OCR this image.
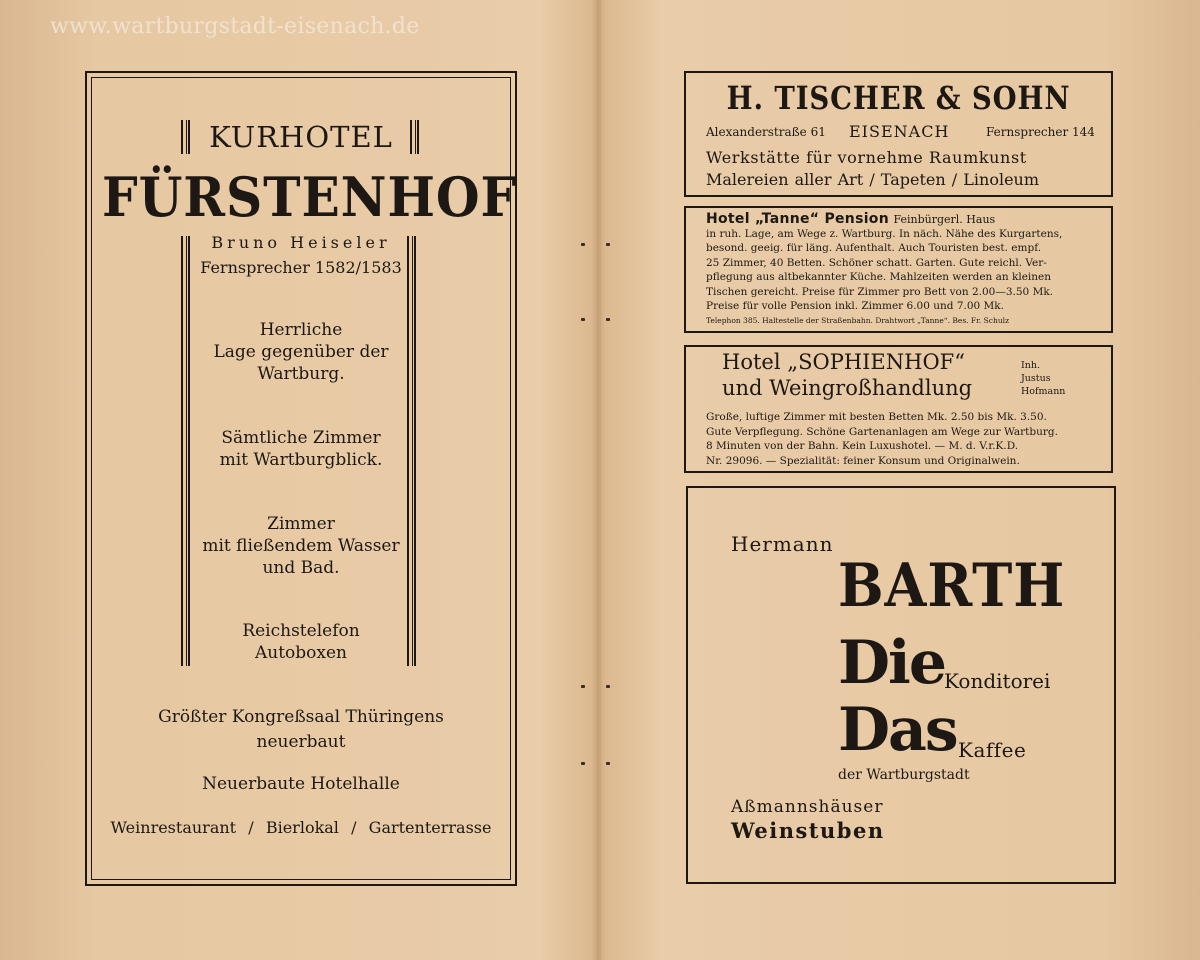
www.wartburgstadt-eisenach.de
KURHOTEL
FÜRSTENHOF
Bruno Heiseler
Fernsprecher 1582/1583
Herrliche
Lage gegenüber der
Wartburg.
Sämtliche Zimmer
mit Wartburgblick.
Zimmer
mit fließendem Wasser
und Bad.
Reichstelefon
Autoboxen
Größter Kongreßsaal Thüringens
neuerbaut
Neuerbaute Hotelhalle
Weinrestaurant / Bierlokal / Gartenterrasse
H. TISCHER & SOHN
Alexanderstraße 61 EISENACH	Fernsprecher 144
Werkstätte für vornehme Raumkunst
Malereien aller Art / Tapeten / Linoleum
Hotel „Tanne“ Pension Feinbürgerl. Haus
in ruh. Lage, am Wege z. Wartburg. In näch. Nähe des Kurgartens,
besond. geeig. für läng. Aufenthalt. Auch Touristen best. empf.
25 Zimmer, 40 Betten. Schöner schatt. Garten. Gute reichl. Ver-
pflegung aus altbekannter Küche. Mahlzeiten werden an kleinen
Tischen gereicht. Preise für Zimmer pro Bett von 2.00—3.50 Mk.
Preise für volle Pension inkl. Zimmer 6.00 und 7.00 Mk.
Telephon 385. Haltestelle der Straßenbahn. Drahtwort „Tanne“. Bes. Fr. Schulz
Hotel „SOPHIENHOF“
und Weingroßhandlung
Inh.
Justus
Hofmann
Große, luftige Zimmer mit besten Betten Mk. 2.50 bis Mk. 3.50.
Gute Verpflegung. Schöne Gartenanlagen am Wege zur Wartburg.
8 Minuten von der Bahn. Kein Luxushotel. — M. d. V.r.K.D.
Nr. 29096. — Spezialität: feiner Konsum und Originalwein.
Hermann
BARTH
Die Konditorei
Das Kaffee
der Wartburgstadt
Aßmannshäuser
Weinstuben
